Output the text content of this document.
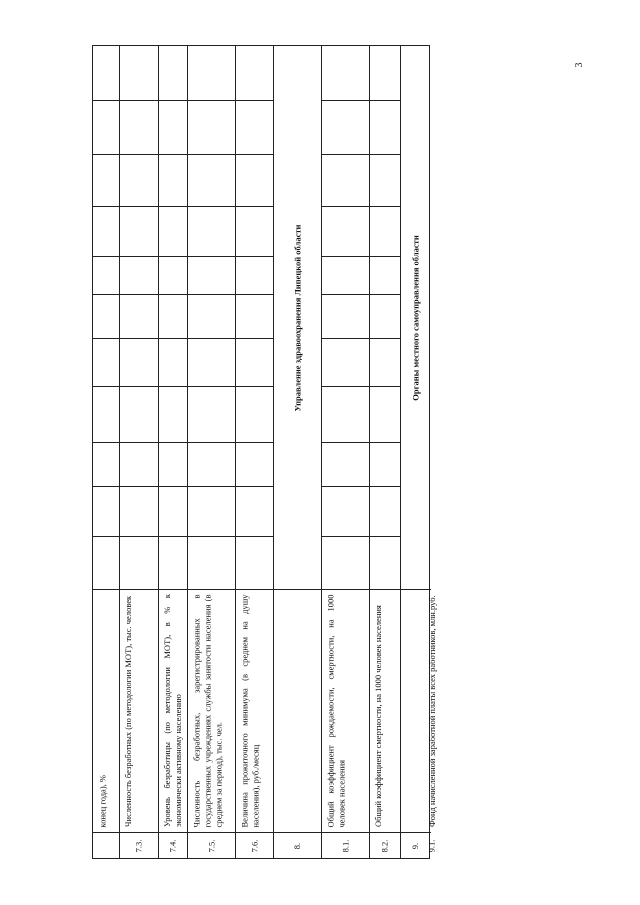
3
конец года), %
7.3.
Численность безработных (по методологии МОТ), тыс. человек
7.4.
Уровень безработицы (по методологии МОТ), в % к экономически активному населению
7.5.
Численность безработных, зарегистрированных в государственных учреждениях службы занятости населения (в среднем за период), тыс. чел.
7.6.
Величина прожиточного минимума (в среднем на душу населения), руб./месяц
8.
Управление здравоохранения Липецкой области
8.1.
Общий коэффициент рождаемости, смертности, на 1000 человек населения
8.2.
Общий коэффициент смертности, на 1000 человек населения
9.
Органы местного самоуправления области
9.1.
Фонд начисленной заработной платы всех работников, млн.руб.
